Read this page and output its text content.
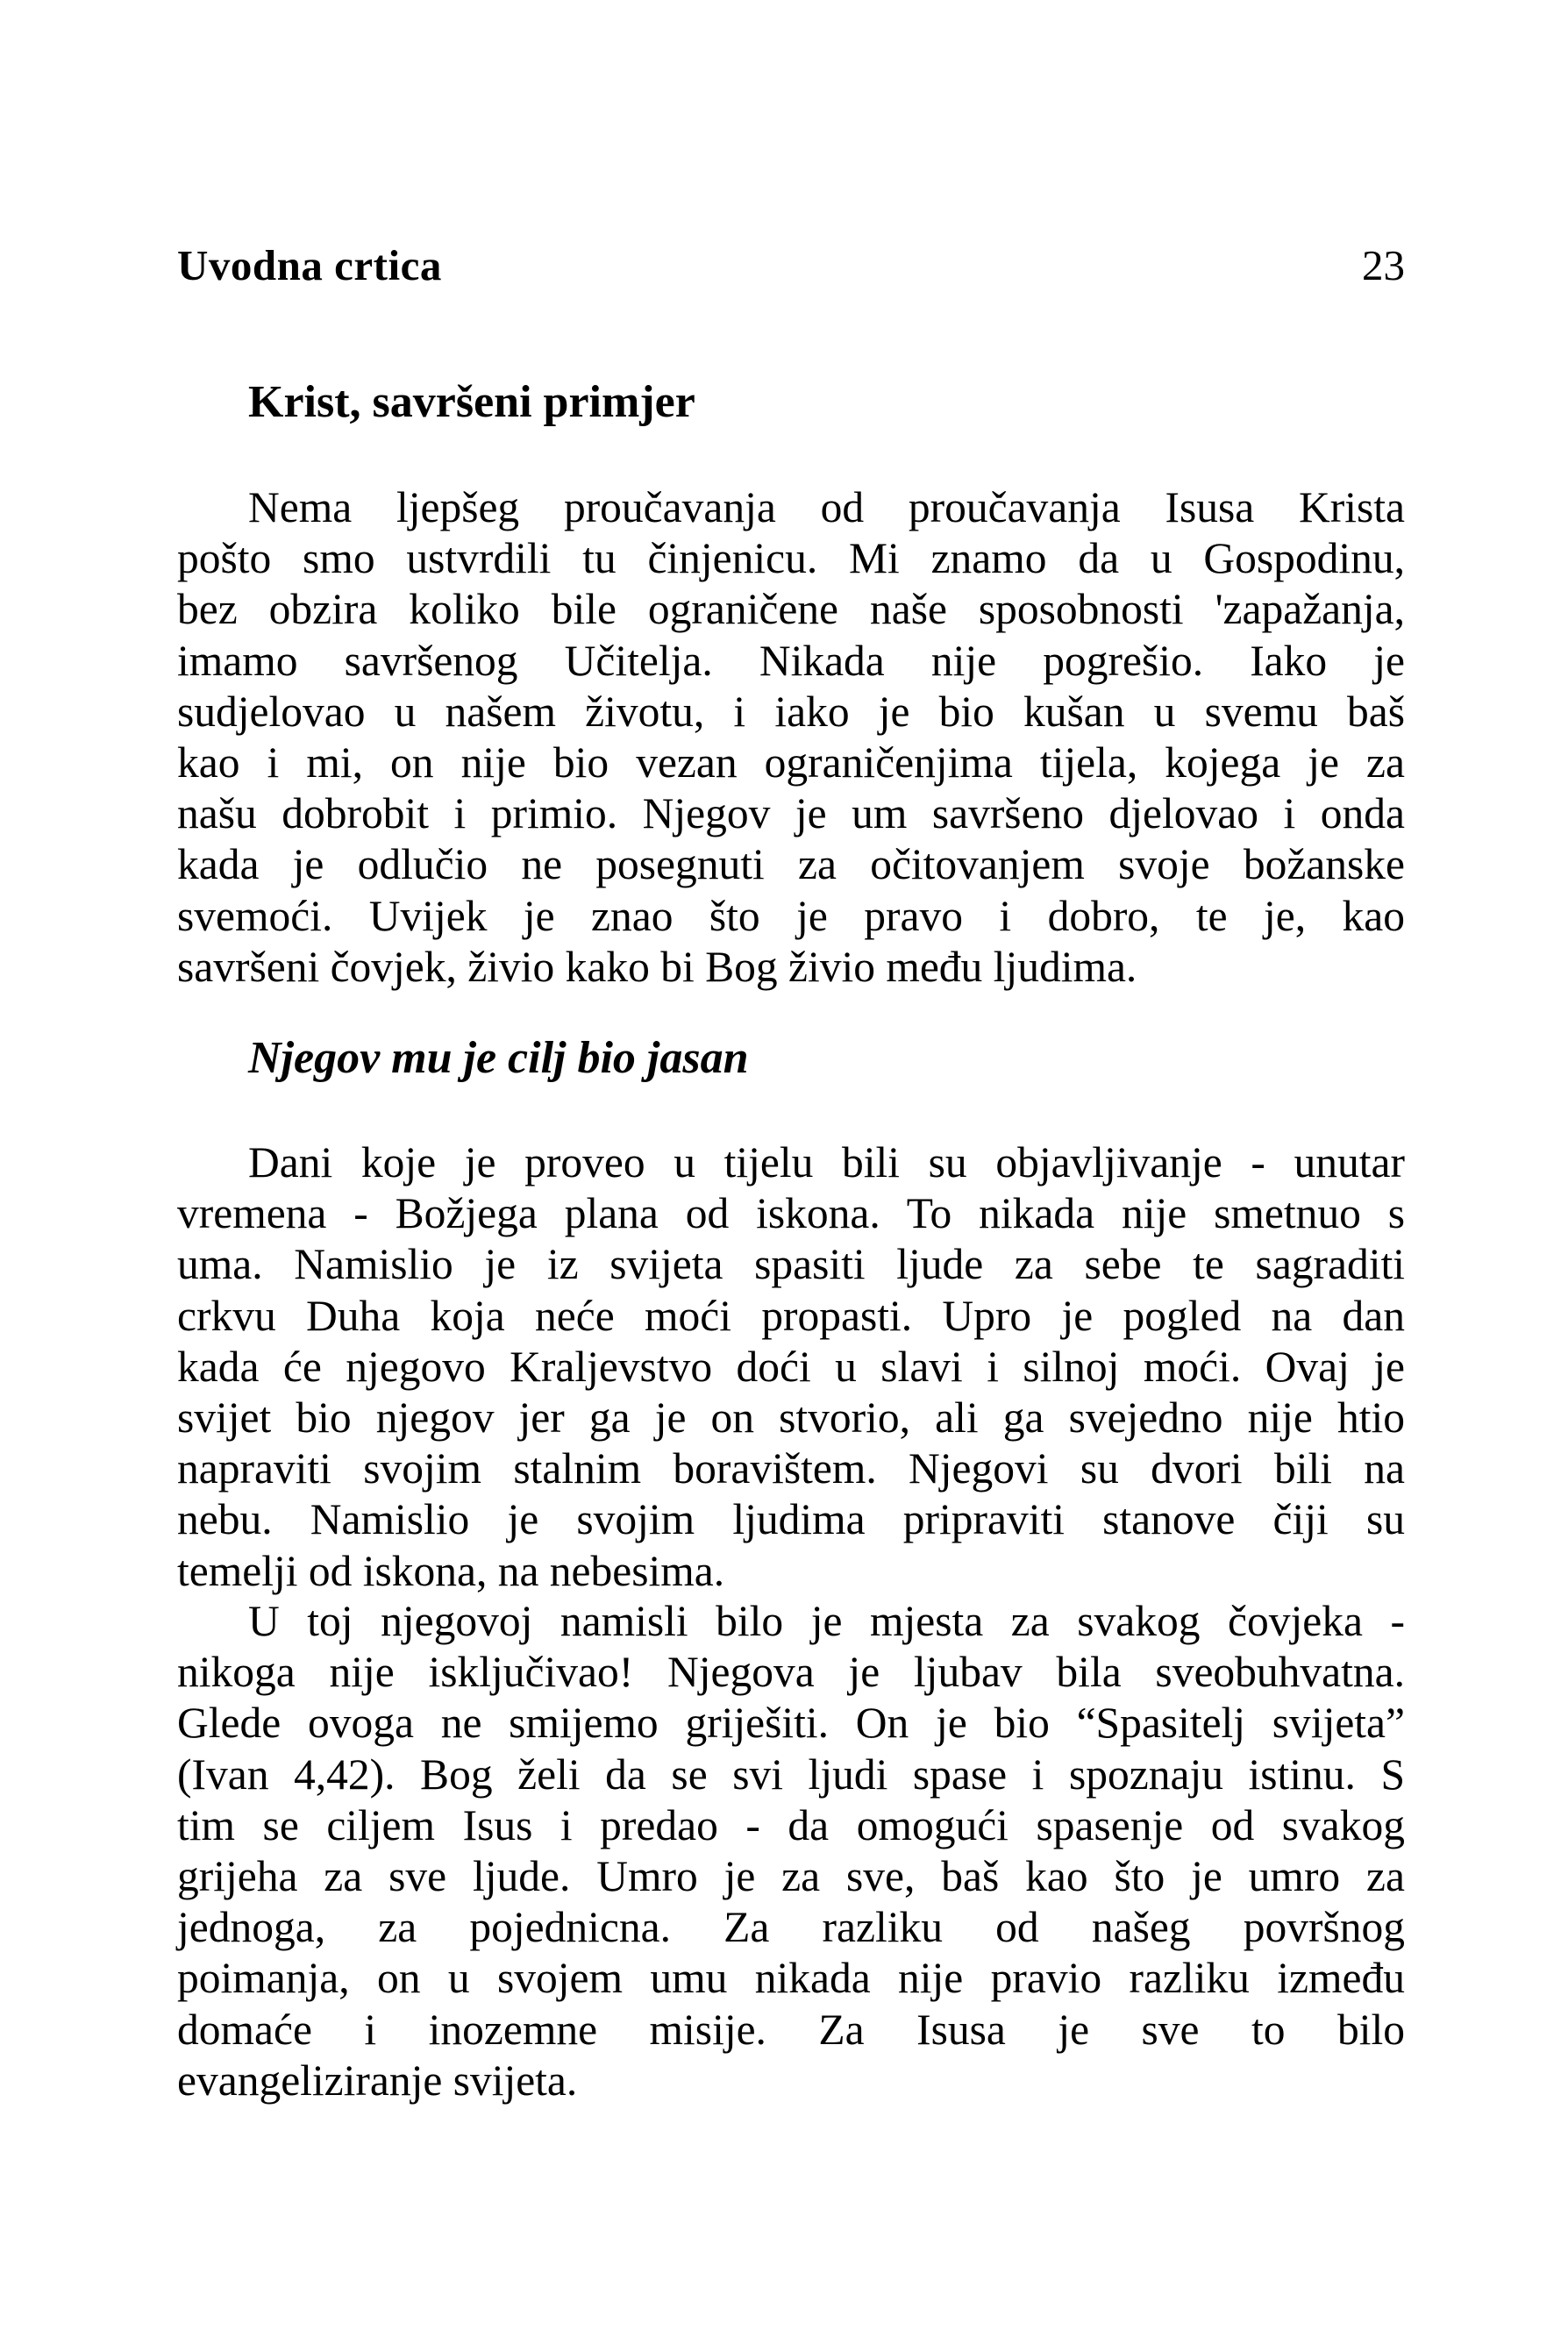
Uvodna crtica	23
Krist, savršeni primjer

Nema ljepšeg proučavanja od proučavanja Isusa Krista
pošto smo ustvrdili tu činjenicu. Mi znamo da u Gospodinu,
bez obzira koliko bile ograničene naše sposobnosti 'zapažanja,
imamo savršenog Učitelja. Nikada nije pogrešio. Iako je
sudjelovao u našem životu, i iako je bio kušan u svemu baš
kao i mi, on nije bio vezan ograničenjima tijela, kojega je za
našu dobrobit i primio. Njegov je um savršeno djelovao i onda
kada je odlučio ne posegnuti za očitovanjem svoje božanske
svemoći. Uvijek je znao što je pravo i dobro, te je, kao
savršeni čovjek, živio kako bi Bog živio među ljudima.

Njegov mu je cilj bio jasan

Dani koje je proveo u tijelu bili su objavljivanje - unutar
vremena - Božjega plana od iskona. To nikada nije smetnuo s
uma. Namislio je iz svijeta spasiti ljude za sebe te sagraditi
crkvu Duha koja neće moći propasti. Upro je pogled na dan
kada će njegovo Kraljevstvo doći u slavi i silnoj moći. Ovaj je
svijet bio njegov jer ga je on stvorio, ali ga svejedno nije htio
napraviti svojim stalnim boravištem. Njegovi su dvori bili na
nebu. Namislio je svojim ljudima pripraviti stanove čiji su
temelji od iskona, na nebesima.

U toj njegovoj namisli bilo je mjesta za svakog čovjeka -
nikoga nije isključivao! Njegova je ljubav bila sveobuhvatna.
Glede ovoga ne smijemo griješiti. On je bio “Spasitelj svijeta”
(Ivan 4,42). Bog želi da se svi ljudi spase i spoznaju istinu. S
tim se ciljem Isus i predao - da omogući spasenje od svakog
grijeha za sve ljude. Umro je za sve, baš kao što je umro za
jednoga, za pojednicna. Za razliku od našeg površnog
poimanja, on u svojem umu nikada nije pravio razliku između
domaće i inozemne misije. Za Isusa je sve to bilo
evangeliziranje svijeta.
